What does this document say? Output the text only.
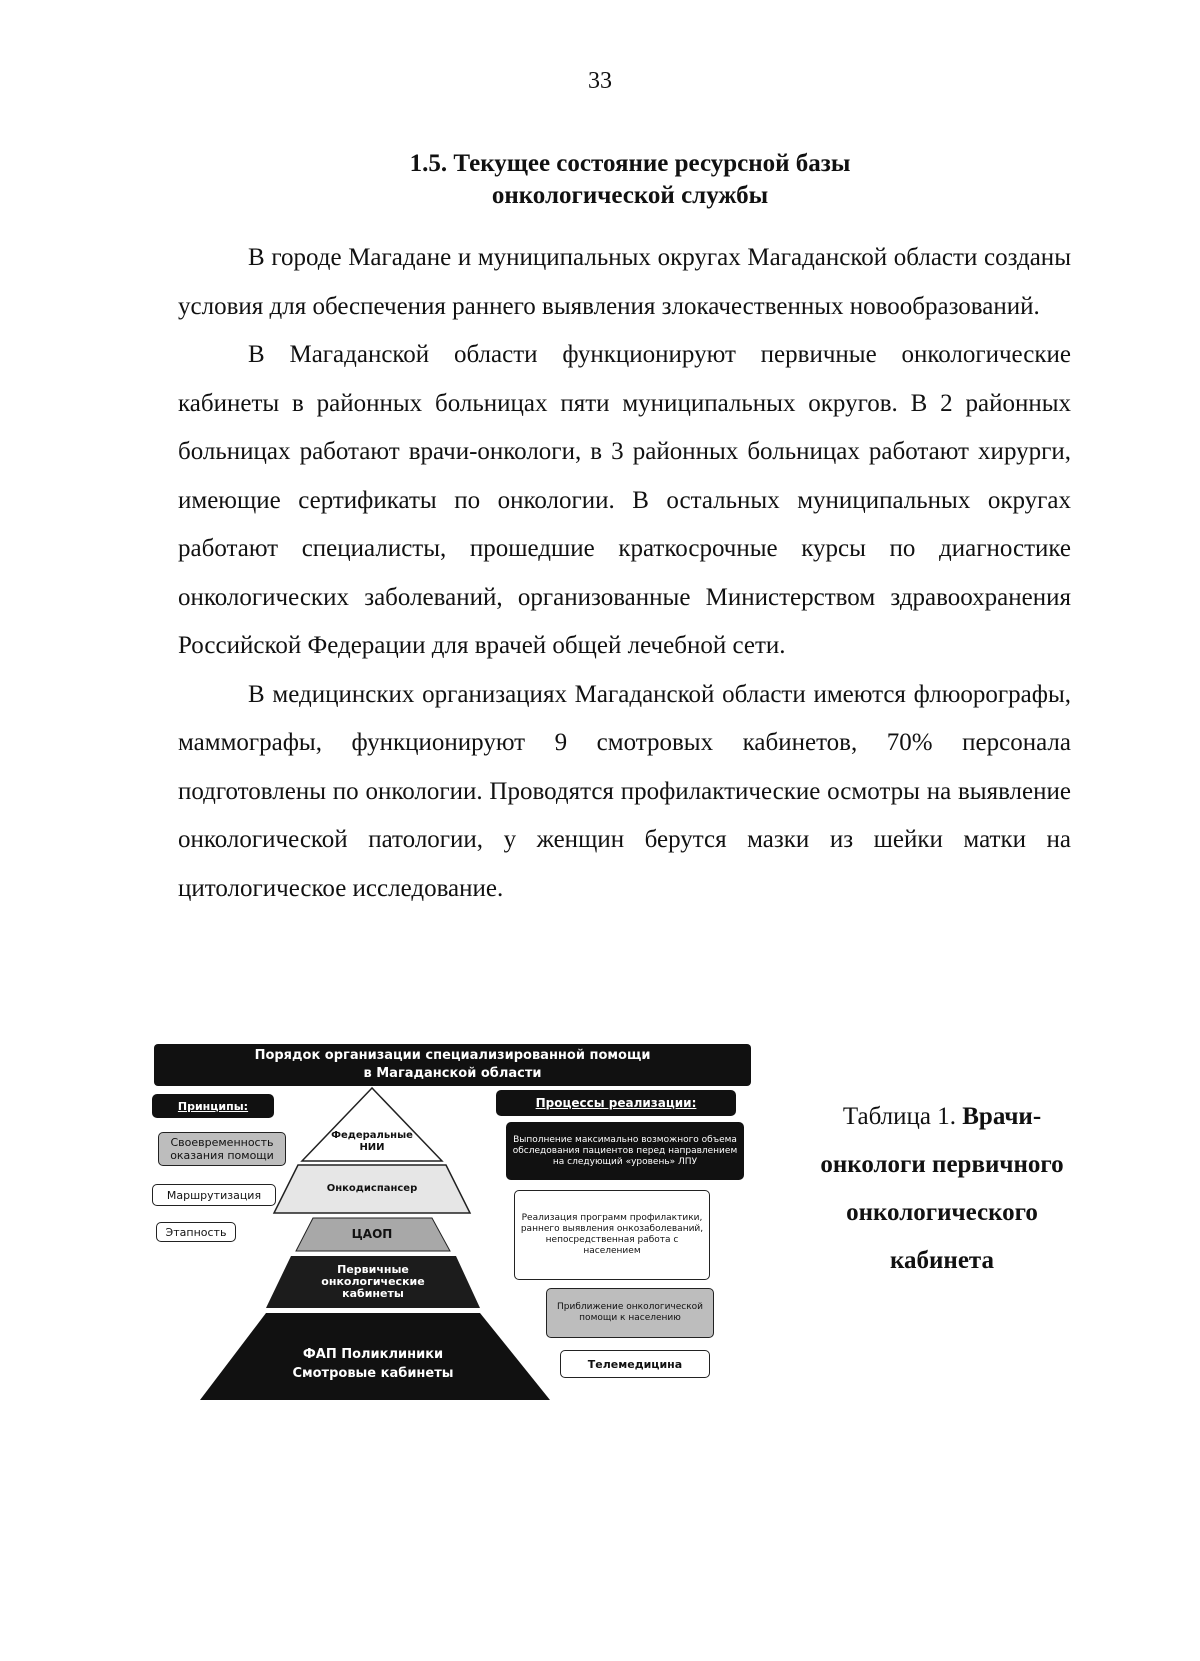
33
1.5. Текущее состояние ресурсной базы
онкологической службы

В городе Магадане и муниципальных округах Магаданской области созданы условия для обеспечения раннего выявления злокачественных новообразований.

В Магаданской области функционируют первичные онкологические кабинеты в районных больницах пяти муниципальных округов. В 2 районных больницах работают врачи-онкологи, в 3 районных больницах работают хирурги, имеющие сертификаты по онкологии. В остальных муниципальных округах работают специалисты, прошедшие краткосрочные курсы по диагностике онкологических заболеваний, организованные Министерством здравоохранения Российской Федерации для врачей общей лечебной сети.

В медицинских организациях Магаданской области имеются флюорографы, маммографы, функционируют 9 смотровых кабинетов, 70% персонала подготовлены по онкологии. Проводятся профилактические осмотры на выявление онкологической патологии, у женщин берутся мазки из шейки матки на цитологическое исследование.

Порядок организации специализированной помощи
в Магаданской области
Принципы:
Своевременность оказания помощи
Маршрутизация
Этапность
Федеральные НИИ
Онкодиспансер
ЦАОП
Первичные онкологические кабинеты
ФАП Поликлиники
Смотровые кабинеты
Процессы реализации:
Выполнение максимально возможного объема обследования пациентов перед направлением на следующий «уровень» ЛПУ
Реализация программ профилактики, раннего выявления онкозаболеваний, непосредственная работа с населением
Приближение онкологической помощи к населению
Телемедицина
Таблица 1. Врачи-онкологи первичного онкологического кабинета
